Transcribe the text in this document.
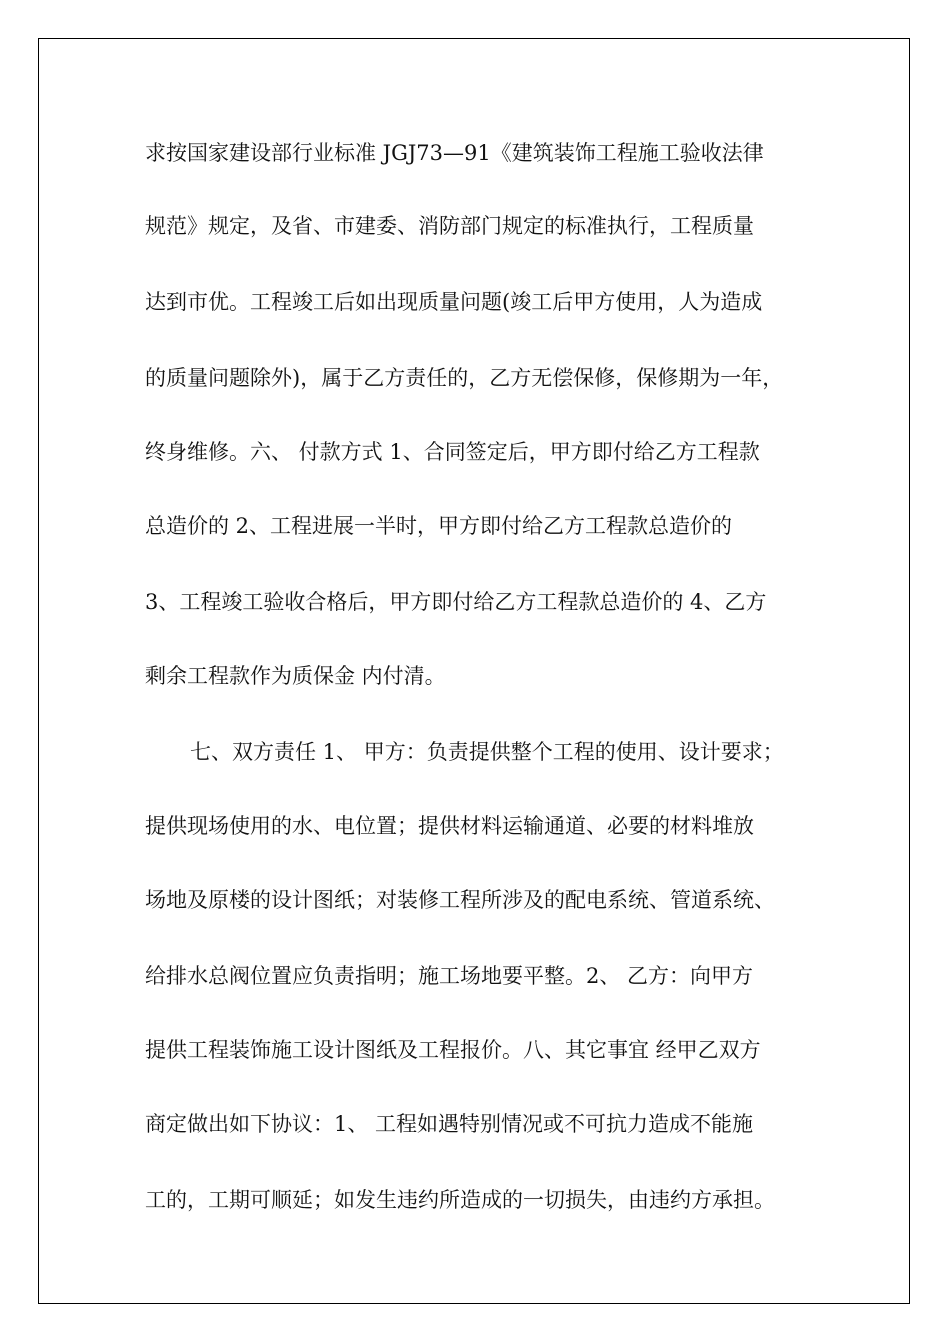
求按国家建设部行业标准 JGJ73—91《建筑装饰工程施工验收法律

规范》规定，及省、市建委、消防部门规定的标准执行，工程质量

达到市优。工程竣工后如出现质量问题(竣工后甲方使用，人为造成

的质量问题除外)，属于乙方责任的，乙方无偿保修，保修期为一年，

终身维修。六、 付款方式 1、合同签定后，甲方即付给乙方工程款

总造价的 2、工程进展一半时，甲方即付给乙方工程款总造价的

3、工程竣工验收合格后，甲方即付给乙方工程款总造价的 4、乙方

剩余工程款作为质保金 内付清。

七、双方责任 1、 甲方：负责提供整个工程的使用、设计要求；

提供现场使用的水、电位置；提供材料运输通道、必要的材料堆放

场地及原楼的设计图纸；对装修工程所涉及的配电系统、管道系统、

给排水总阀位置应负责指明；施工场地要平整。2、 乙方：向甲方

提供工程装饰施工设计图纸及工程报价。八、其它事宜 经甲乙双方

商定做出如下协议：1、 工程如遇特别情况或不可抗力造成不能施

工的，工期可顺延；如发生违约所造成的一切损失，由违约方承担。
